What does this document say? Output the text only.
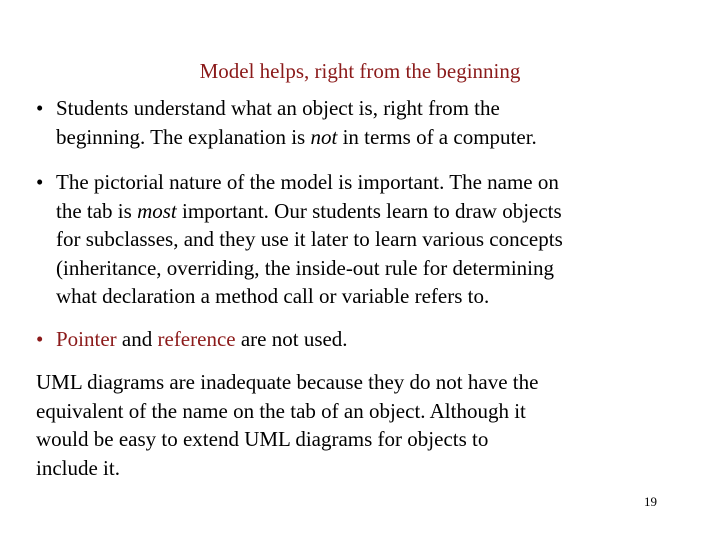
Model helps, right from the beginning
• Students understand what an object is, right from the
beginning. The explanation is not in terms of a computer.
• The pictorial nature of the model is important. The name on
the tab is most important. Our students learn to draw objects
for subclasses, and they use it later to learn various concepts
(inheritance, overriding, the inside-out rule for determining
what declaration a method call or variable refers to.
• Pointer and reference are not used.
UML diagrams are inadequate because they do not have the
equivalent of the name on the tab of an object. Although it
would be easy to extend UML diagrams for objects to
include it.
19
